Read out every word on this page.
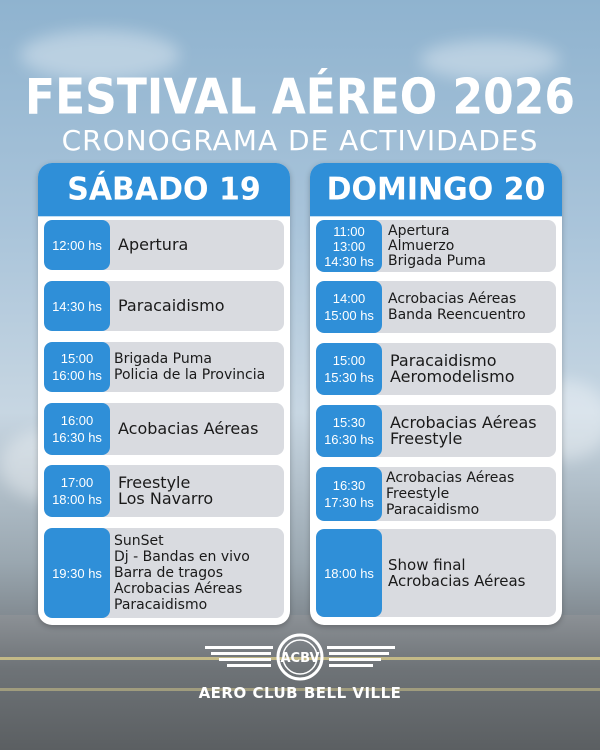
FESTIVAL AÉREO 2026
CRONOGRAMA DE ACTIVIDADES
SÁBADO 19
12:00 hs Apertura
14:30 hs Paracaidismo
15:00
16:00 hs
Brigada Puma
Policia de la Provincia
16:00
16:30 hs Acobacias Aéreas
17:00
18:00 hs
Freestyle
Los Navarro
19:30 hs
SunSet
Dj - Bandas en vivo
Barra de tragos
Acrobacias Aéreas
Paracaidismo
DOMINGO 20
11:00
13:00
14:30 hs
Apertura
Almuerzo
Brigada Puma
14:00
15:00 hs
Acrobacias Aéreas
Banda Reencuentro
15:00
15:30 hs
Paracaidismo
Aeromodelismo
15:30
16:30 hs
Acrobacias Aéreas
Freestyle
16:30
17:30 hs
Acrobacias Aéreas
Freestyle
Paracaidismo
18:00 hs Show final
Acrobacias Aéreas
ACBV
AERO CLUB BELL VILLE
